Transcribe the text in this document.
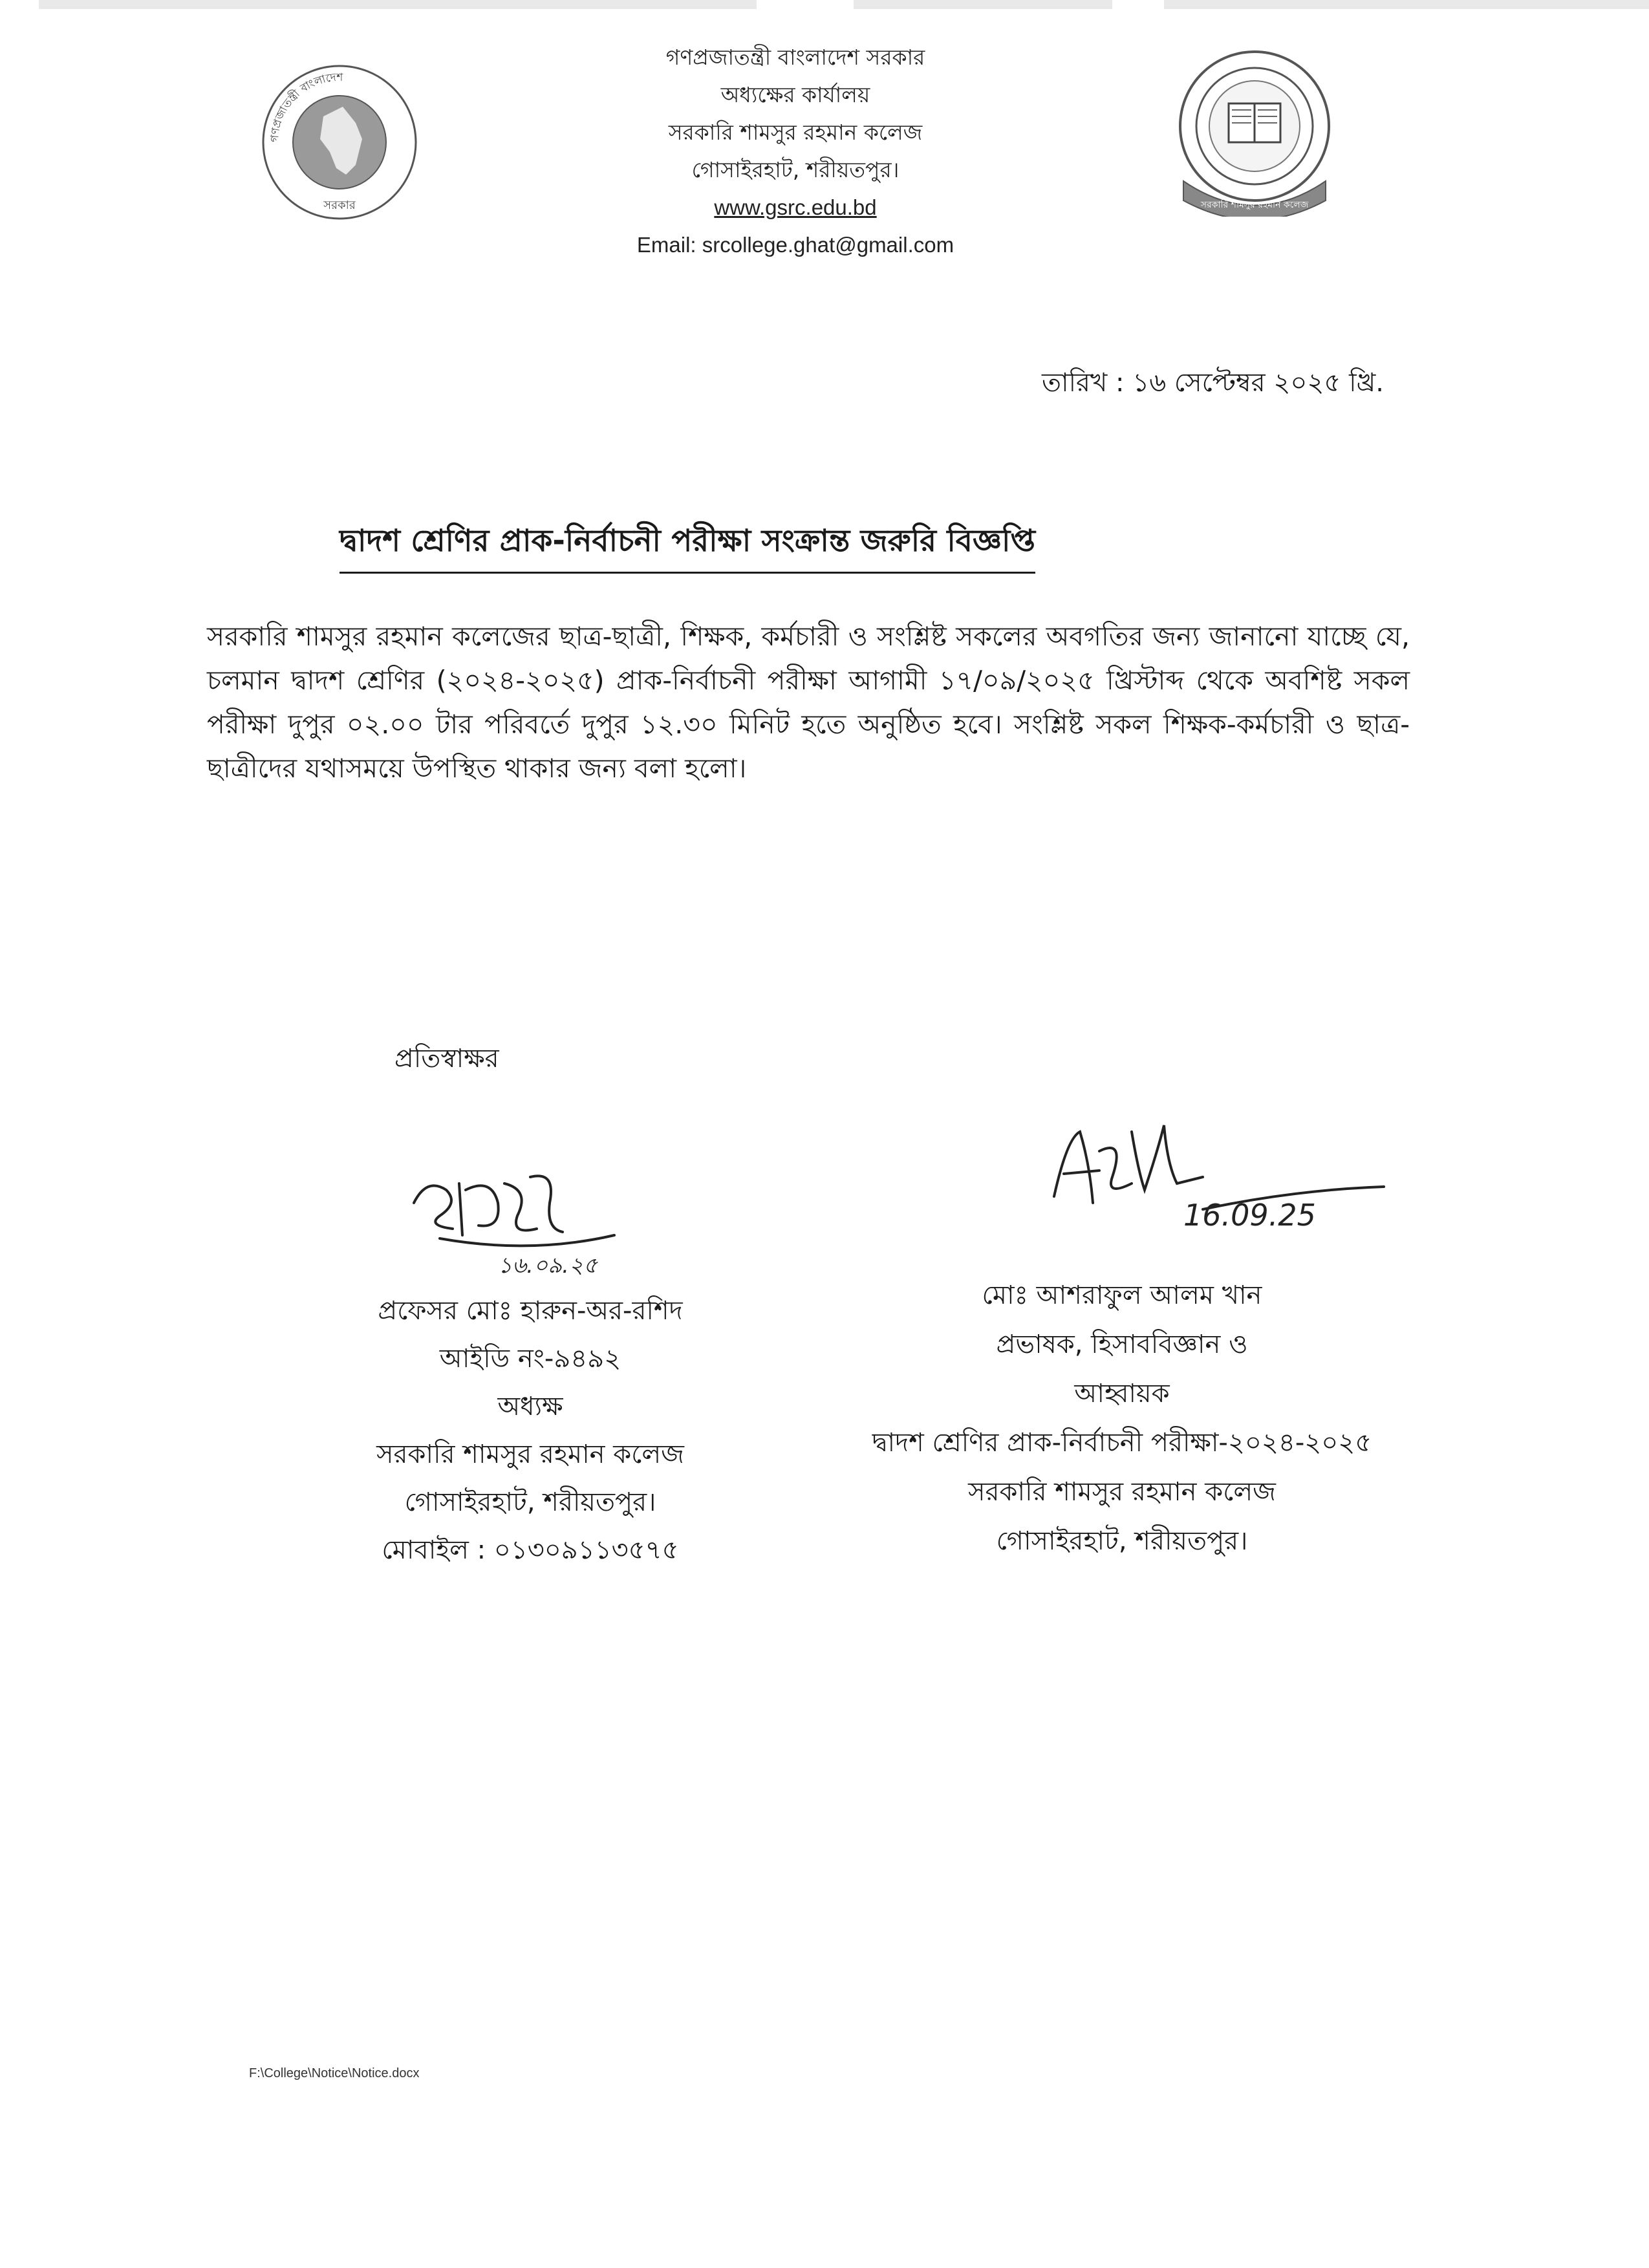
গণপ্রজাতন্ত্রী বাংলাদেশ
সরকার	সরকারি শামসুর রহমান কলেজ
গণপ্রজাতন্ত্রী বাংলাদেশ সরকার
অধ্যক্ষের কার্যালয়
সরকারি শামসুর রহমান কলেজ
গোসাইরহাট, শরীয়তপুর।
www.gsrc.edu.bd
Email: srcollege.ghat@gmail.com
তারিখ : ১৬ সেপ্টেম্বর ২০২৫ খ্রি.
দ্বাদশ শ্রেণির প্রাক-নির্বাচনী পরীক্ষা সংক্রান্ত জরুরি বিজ্ঞপ্তি
সরকারি শামসুর রহমান কলেজের ছাত্র-ছাত্রী, শিক্ষক, কর্মচারী ও সংশ্লিষ্ট সকলের অবগতির জন্য জানানো যাচ্ছে যে, চলমান দ্বাদশ শ্রেণির (২০২৪-২০২৫) প্রাক-নির্বাচনী পরীক্ষা আগামী ১৭/০৯/২০২৫ খ্রিস্টাব্দ থেকে অবশিষ্ট সকল পরীক্ষা দুপুর ০২.০০ টার পরিবর্তে দুপুর ১২.৩০ মিনিট হতে অনুষ্ঠিত হবে। সংশ্লিষ্ট সকল শিক্ষক-কর্মচারী ও ছাত্র-ছাত্রীদের যথাসময়ে উপস্থিত থাকার জন্য বলা হলো।
প্রতিস্বাক্ষর
১৬.০৯.২৫
16.09.25
প্রফেসর মোঃ হারুন-অর-রশিদ
আইডি নং-৯৪৯২
অধ্যক্ষ
সরকারি শামসুর রহমান কলেজ
গোসাইরহাট, শরীয়তপুর।
মোবাইল : ০১৩০৯১১৩৫৭৫
মোঃ আশরাফুল আলম খান
প্রভাষক, হিসাববিজ্ঞান ও
আহ্বায়ক
দ্বাদশ শ্রেণির প্রাক-নির্বাচনী পরীক্ষা-২০২৪-২০২৫
সরকারি শামসুর রহমান কলেজ
গোসাইরহাট, শরীয়তপুর।
F:\College\Notice\Notice.docx
